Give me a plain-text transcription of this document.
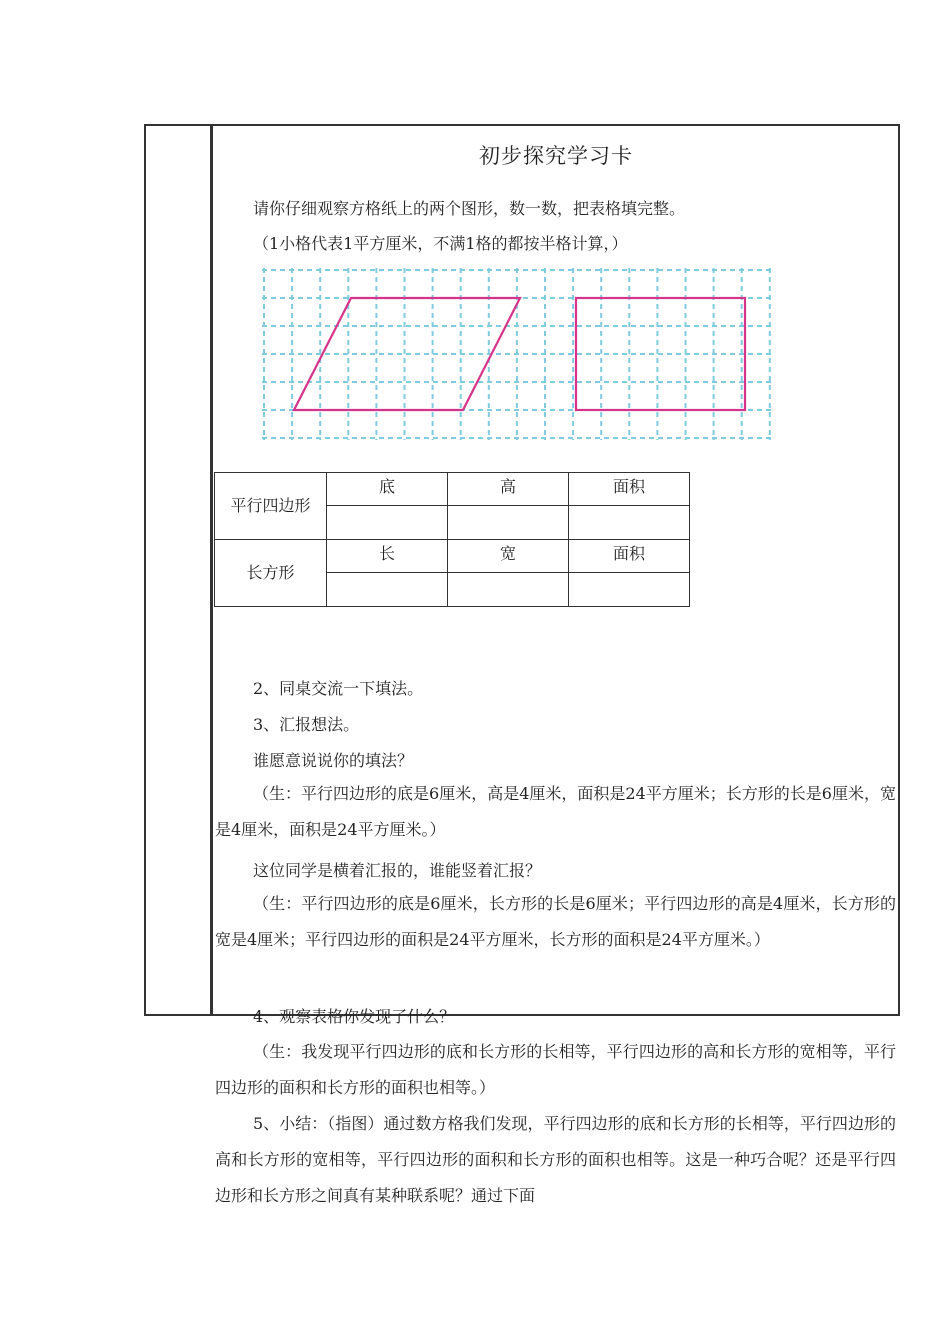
初步探究学习卡
请你仔细观察方格纸上的两个图形，数一数，把表格填完整。
（1小格代表1平方厘米，不满1格的都按半格计算，）
平行四边形	底	高	面积

长方形	长	宽	面积

2、同桌交流一下填法。
3、汇报想法。
谁愿意说说你的填法？
（生：平行四边形的底是6厘米，高是4厘米，面积是24平方厘米；长方形的长是6厘米，宽是4厘米，面积是24平方厘米。）
这位同学是横着汇报的，谁能竖着汇报？
（生：平行四边形的底是6厘米，长方形的长是6厘米；平行四边形的高是4厘米，长方形的宽是4厘米；平行四边形的面积是24平方厘米，长方形的面积是24平方厘米。）
4、观察表格你发现了什么？
（生：我发现平行四边形的底和长方形的长相等，平行四边形的高和长方形的宽相等，平行四边形的面积和长方形的面积也相等。）
5、小结：（指图）通过数方格我们发现，平行四边形的底和长方形的长相等，平行四边形的高和长方形的宽相等，平行四边形的面积和长方形的面积也相等。这是一种巧合呢？还是平行四边形和长方形之间真有某种联系呢？通过下面
